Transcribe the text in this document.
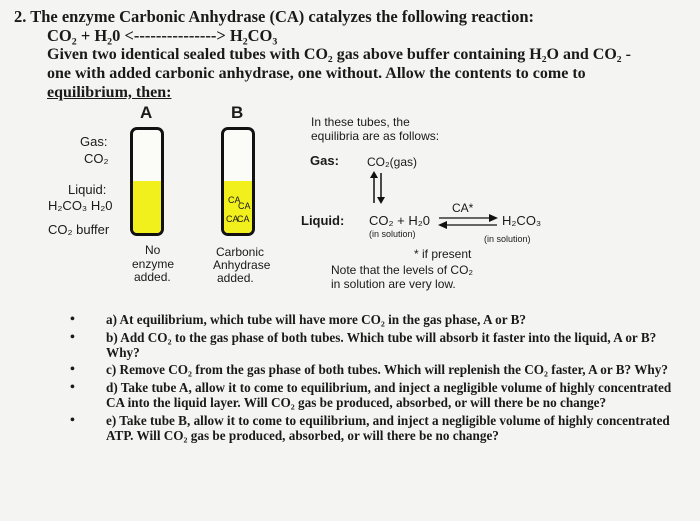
2. The enzyme Carbonic Anhydrase (CA) catalyzes the following reaction:
CO₂ + H₂0 <---------------> H₂CO₃
Given two identical sealed tubes with CO₂ gas above buffer containing H₂O and CO₂ -
one with added carbonic anhydrase, one without. Allow the contents to come to
equilibrium, then:
A	B
Gas:
CO₂
Liquid:
H₂CO₃ H₂0
CO₂ buffer
CA
CA
CA
CA
No
enzyme
added.
Carbonic
Anhydrase
added.
In these tubes, the
equilibria are as follows:
Gas: CO₂(gas)
Liquid: CO₂ + H₂0
CA*
H₂CO₃
(in solution)	(in solution)
* if present
Note that the levels of CO₂
in solution are very low.
• a) At equilibrium, which tube will have more CO₂ in the gas phase, A or B?
• b) Add CO₂ to the gas phase of both tubes. Which tube will absorb it faster into the liquid, A or B? Why?
• c) Remove CO₂ from the gas phase of both tubes. Which will replenish the CO₂ faster, A or B? Why?
• d) Take tube A, allow it to come to equilibrium, and inject a negligible volume of highly concentrated CA into the liquid layer. Will CO₂ gas be produced, absorbed, or will there be no change?
• e) Take tube B, allow it to come to equilibrium, and inject a negligible volume of highly concentrated ATP. Will CO₂ gas be produced, absorbed, or will there be no change?
